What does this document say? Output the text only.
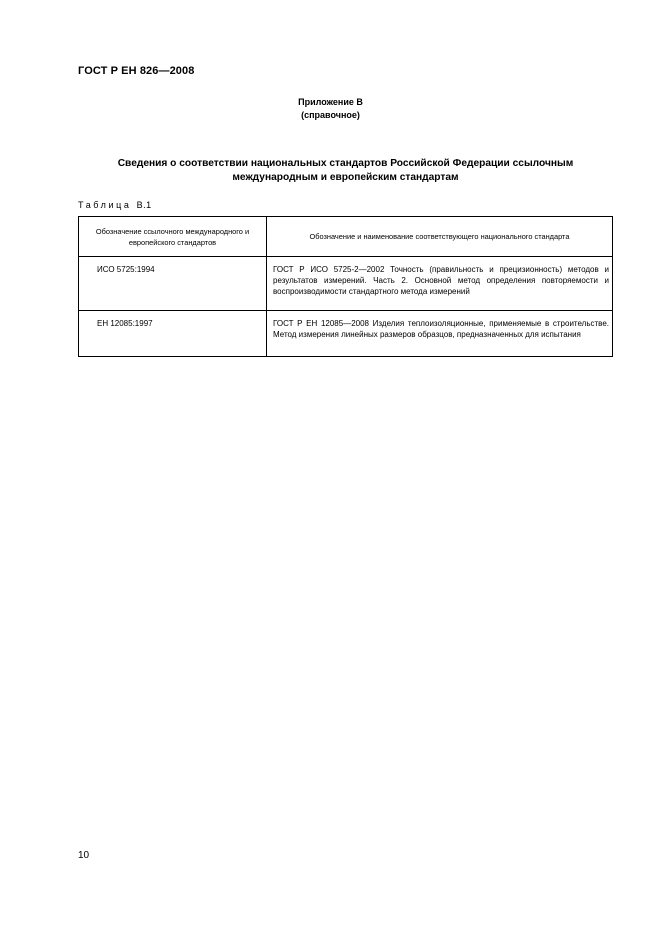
ГОСТ Р ЕН 826—2008
Приложение В
(справочное)
Сведения о соответствии национальных стандартов Российской Федерации ссылочным международным и европейским стандартам
Таблица В.1
Обозначение ссылочного международного и европейского стандартов	Обозначение и наименование соответствующего национального стандарта
ИСО 5725:1994	ГОСТ Р ИСО 5725-2—2002 Точность (правильность и прецизионность) методов и результатов измерений. Часть 2. Основной метод определения повторяемости и воспроизводимости стандартного метода измерений
ЕН 12085:1997	ГОСТ Р ЕН 12085—2008 Изделия теплоизоляционные, применяемые в строительстве. Метод измерения линейных размеров образцов, предназначенных для испытания
10
